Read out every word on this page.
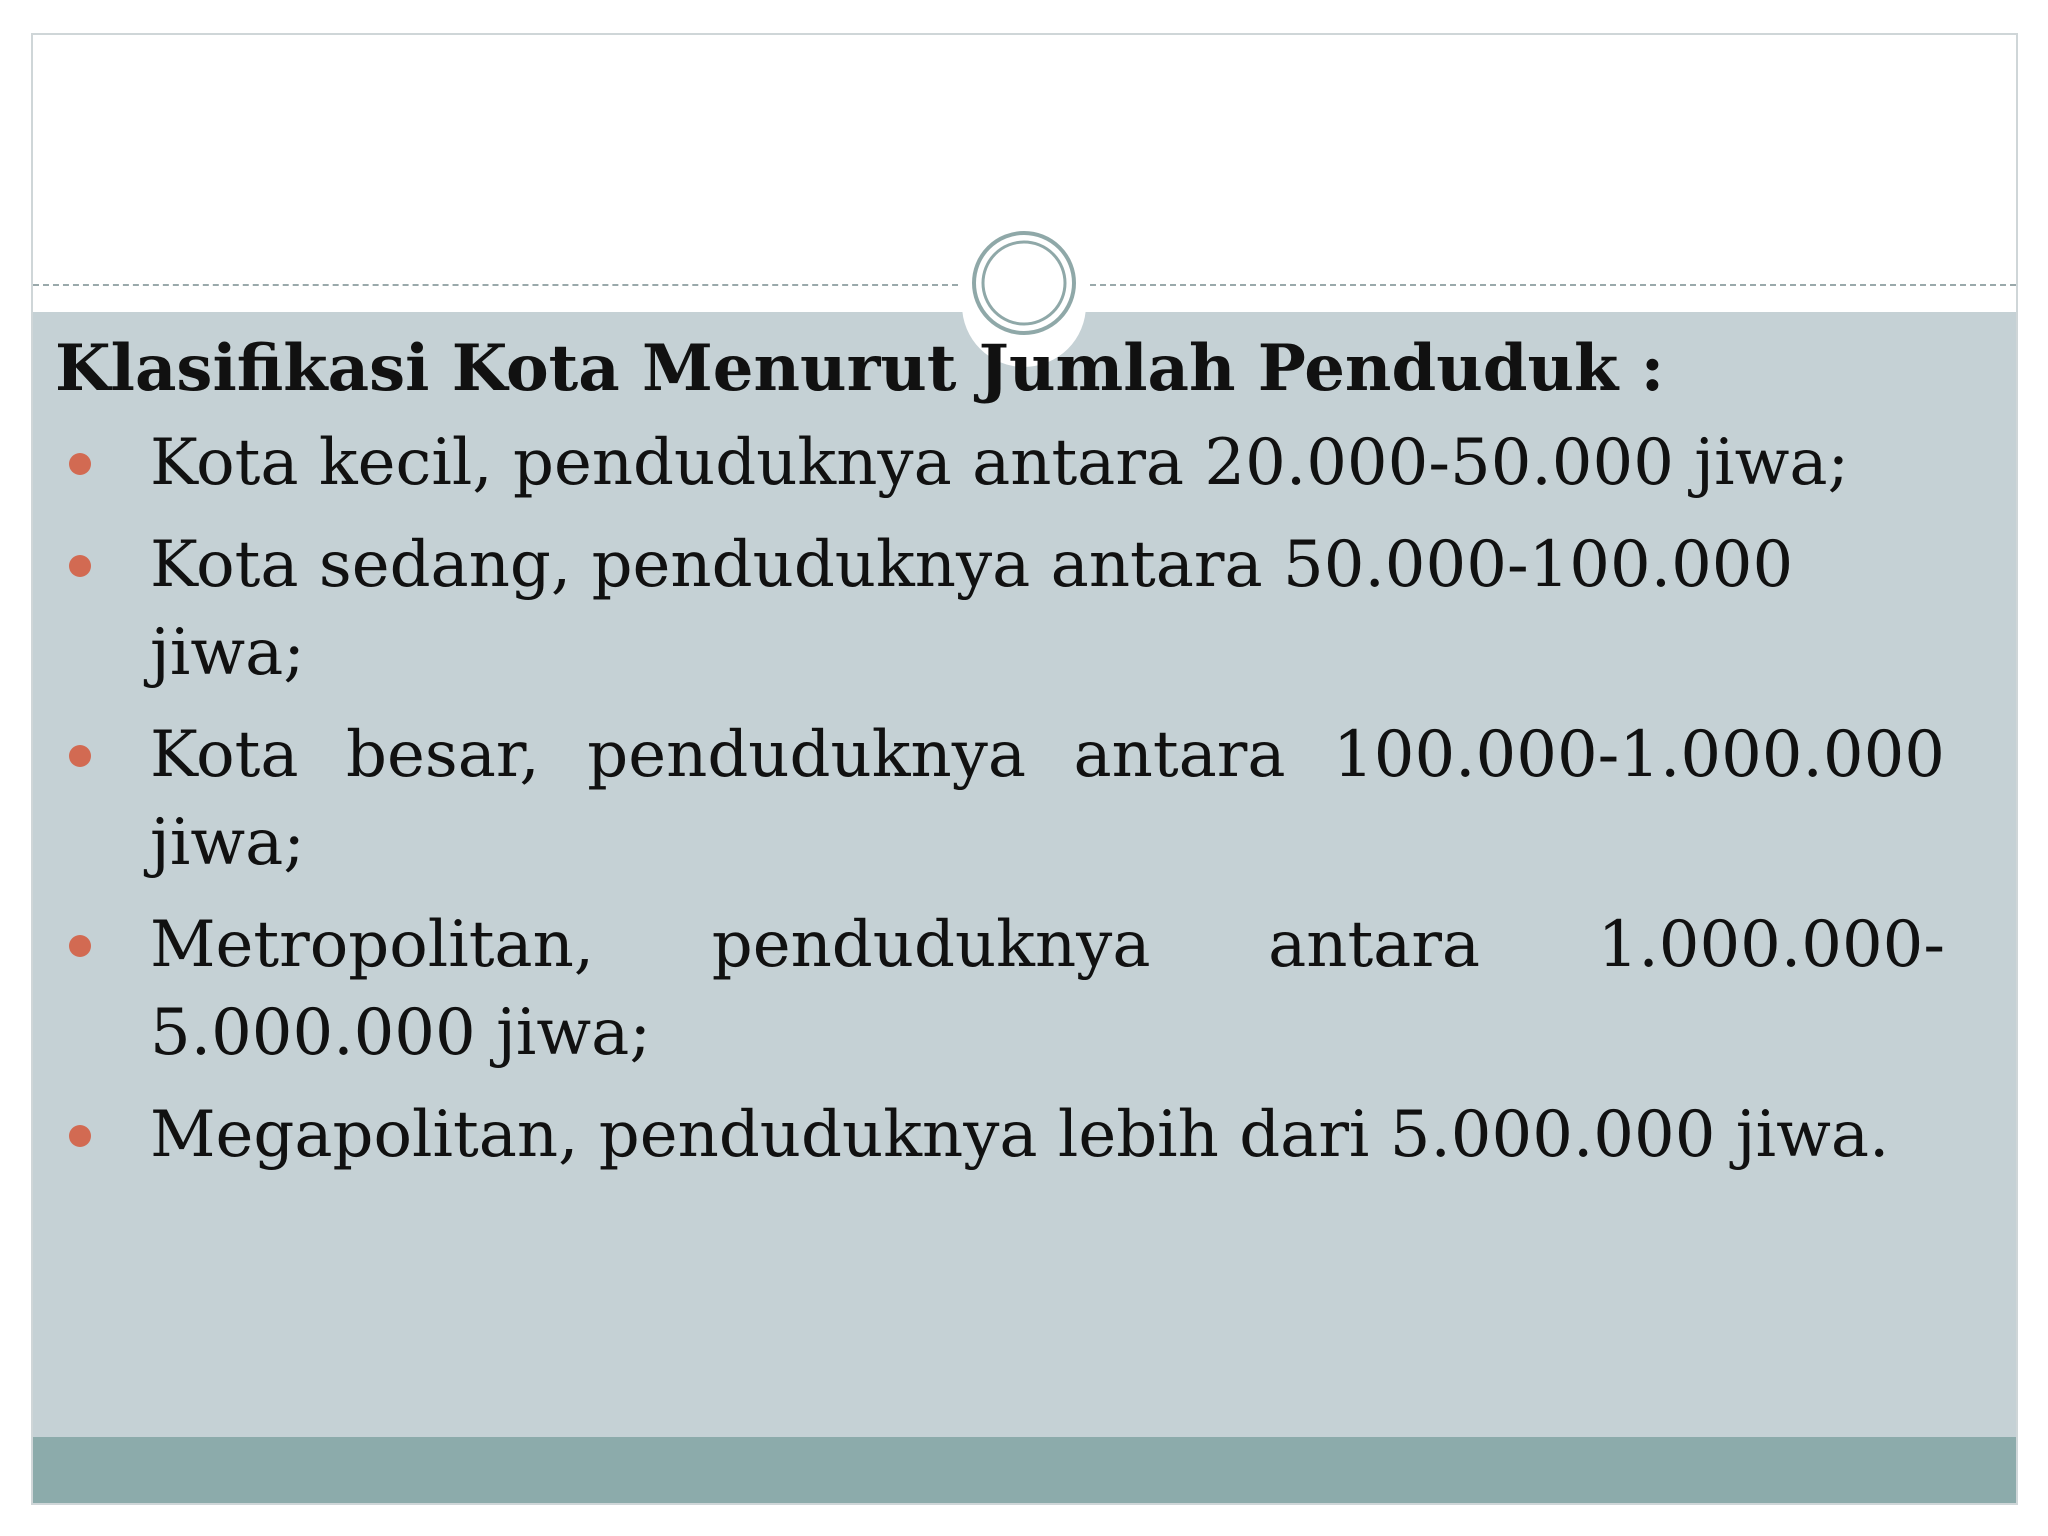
Klasifikasi Kota Menurut Jumlah Penduduk :
Kota kecil, penduduknya antara 20.000-50.000 jiwa;
Kota sedang, penduduknya antara 50.000-100.000 jiwa;
Kota besar, penduduknya antara 100.000-1.000.000 jiwa;
Metropolitan, penduduknya antara 1.000.000-5.000.000 jiwa;
Megapolitan, penduduknya lebih dari 5.000.000 jiwa.
